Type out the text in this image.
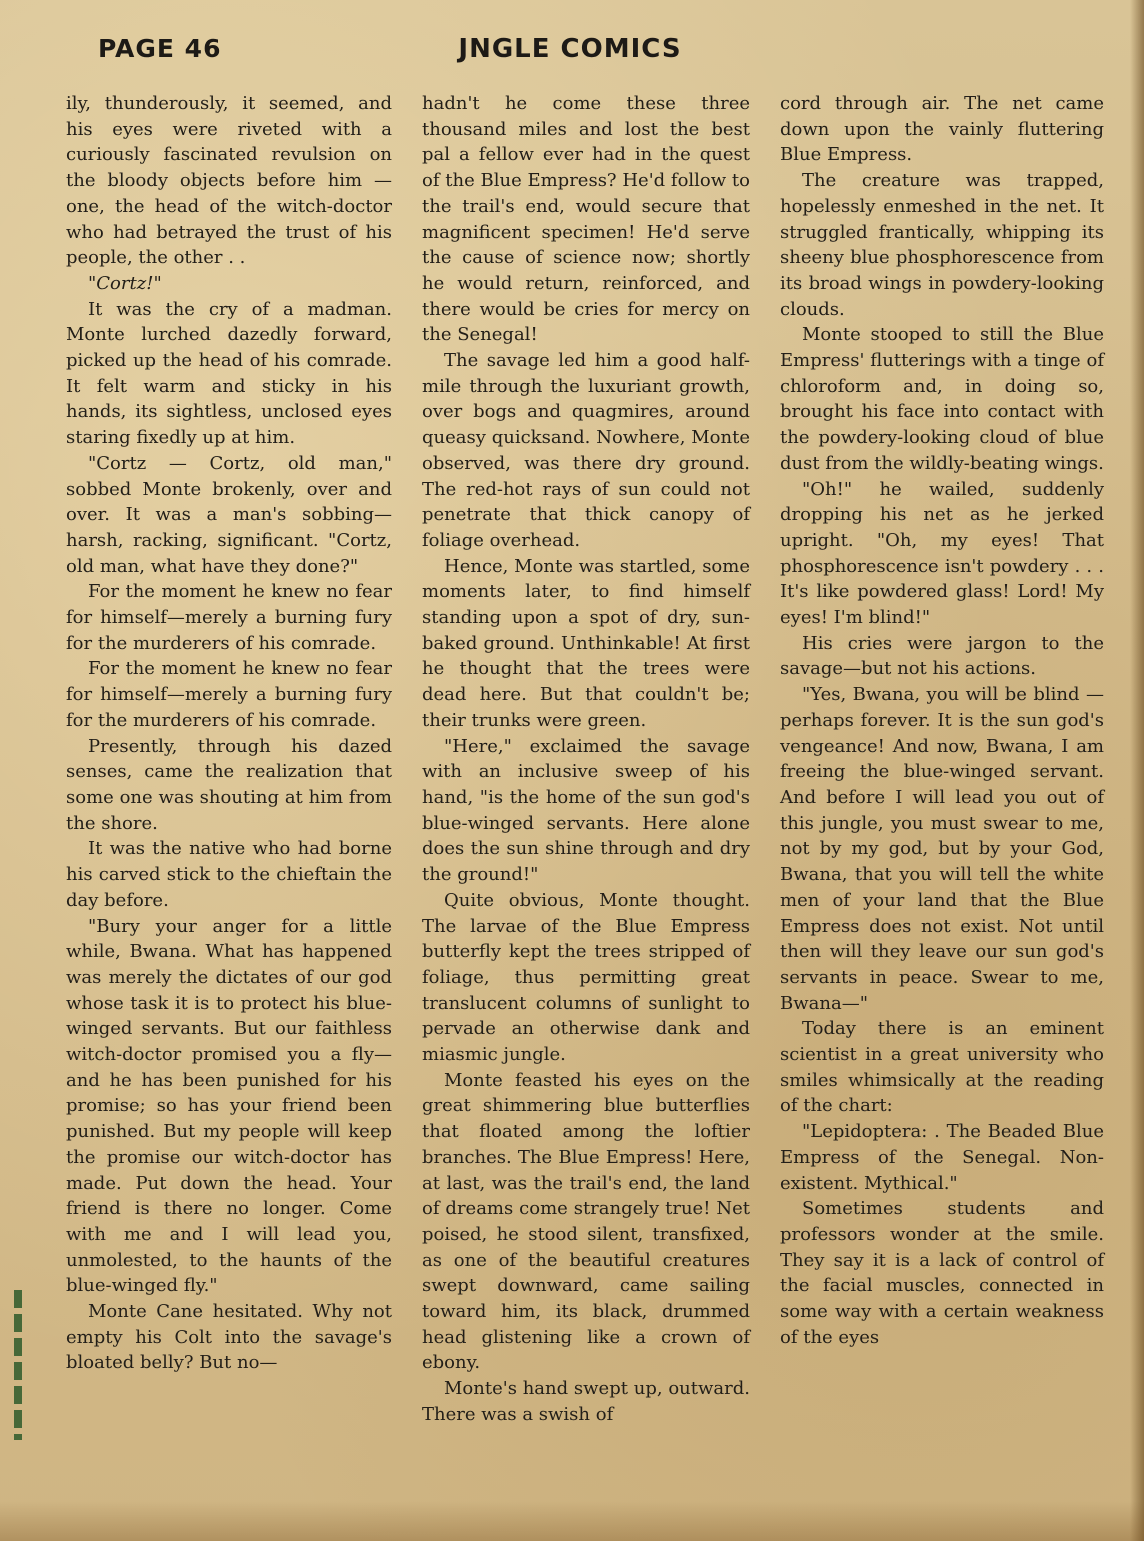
PAGE 46	JNGLE COMICS

ily, thunderously, it seemed, and his eyes were riveted with a curiously fascinated revulsion on the bloody objects before him —one, the head of the witch-doctor who had betrayed the trust of his people, the other . .

"Cortz!"

It was the cry of a madman. Monte lurched dazedly forward, picked up the head of his comrade. It felt warm and sticky in his hands, its sightless, unclosed eyes staring fixedly up at him.

"Cortz — Cortz, old man," sobbed Monte brokenly, over and over. It was a man's sobbing—harsh, racking, significant. "Cortz, old man, what have they done?"

For the moment he knew no fear for himself—merely a burning fury for the murderers of his comrade.

For the moment he knew no fear for himself—merely a burning fury for the murderers of his comrade.

Presently, through his dazed senses, came the realization that some one was shouting at him from the shore.

It was the native who had borne his carved stick to the chieftain the day before.

"Bury your anger for a little while, Bwana. What has happened was merely the dictates of our god whose task it is to protect his blue-winged servants. But our faithless witch-doctor promised you a fly—and he has been punished for his promise; so has your friend been punished. But my people will keep the promise our witch-doctor has made. Put down the head. Your friend is there no longer. Come with me and I will lead you, unmolested, to the haunts of the blue-winged fly."

Monte Cane hesitated. Why not empty his Colt into the savage's bloated belly? But no—

hadn't he come these three thousand miles and lost the best pal a fellow ever had in the quest of the Blue Empress? He'd follow to the trail's end, would secure that magnificent specimen! He'd serve the cause of science now; shortly he would return, reinforced, and there would be cries for mercy on the Senegal!

The savage led him a good half-mile through the luxuriant growth, over bogs and quagmires, around queasy quicksand. Nowhere, Monte observed, was there dry ground. The red-hot rays of sun could not penetrate that thick canopy of foliage overhead.

Hence, Monte was startled, some moments later, to find himself standing upon a spot of dry, sun-baked ground. Unthinkable! At first he thought that the trees were dead here. But that couldn't be; their trunks were green.

"Here," exclaimed the savage with an inclusive sweep of his hand, "is the home of the sun god's blue-winged servants. Here alone does the sun shine through and dry the ground!"

Quite obvious, Monte thought. The larvae of the Blue Empress butterfly kept the trees stripped of foliage, thus permitting great translucent columns of sunlight to pervade an otherwise dank and miasmic jungle.

Monte feasted his eyes on the great shimmering blue butterflies that floated among the loftier branches. The Blue Empress! Here, at last, was the trail's end, the land of dreams come strangely true! Net poised, he stood silent, transfixed, as one of the beautiful creatures swept downward, came sailing toward him, its black, drummed head glistening like a crown of ebony.

Monte's hand swept up, outward. There was a swish of

cord through air. The net came down upon the vainly fluttering Blue Empress.

The creature was trapped, hopelessly enmeshed in the net. It struggled frantically, whipping its sheeny blue phosphorescence from its broad wings in powdery-looking clouds.

Monte stooped to still the Blue Empress' flutterings with a tinge of chloroform and, in doing so, brought his face into contact with the powdery-looking cloud of blue dust from the wildly-beating wings.

"Oh!" he wailed, suddenly dropping his net as he jerked upright. "Oh, my eyes! That phosphorescence isn't powdery . . . It's like powdered glass! Lord! My eyes! I'm blind!"

His cries were jargon to the savage—but not his actions.

"Yes, Bwana, you will be blind —perhaps forever. It is the sun god's vengeance! And now, Bwana, I am freeing the blue-winged servant. And before I will lead you out of this jungle, you must swear to me, not by my god, but by your God, Bwana, that you will tell the white men of your land that the Blue Empress does not exist. Not until then will they leave our sun god's servants in peace. Swear to me, Bwana—"

Today there is an eminent scientist in a great university who smiles whimsically at the reading of the chart:

"Lepidoptera: . The Beaded Blue Empress of the Senegal. Non-existent. Mythical."

Sometimes students and professors wonder at the smile. They say it is a lack of control of the facial muscles, connected in some way with a certain weakness of the eyes
